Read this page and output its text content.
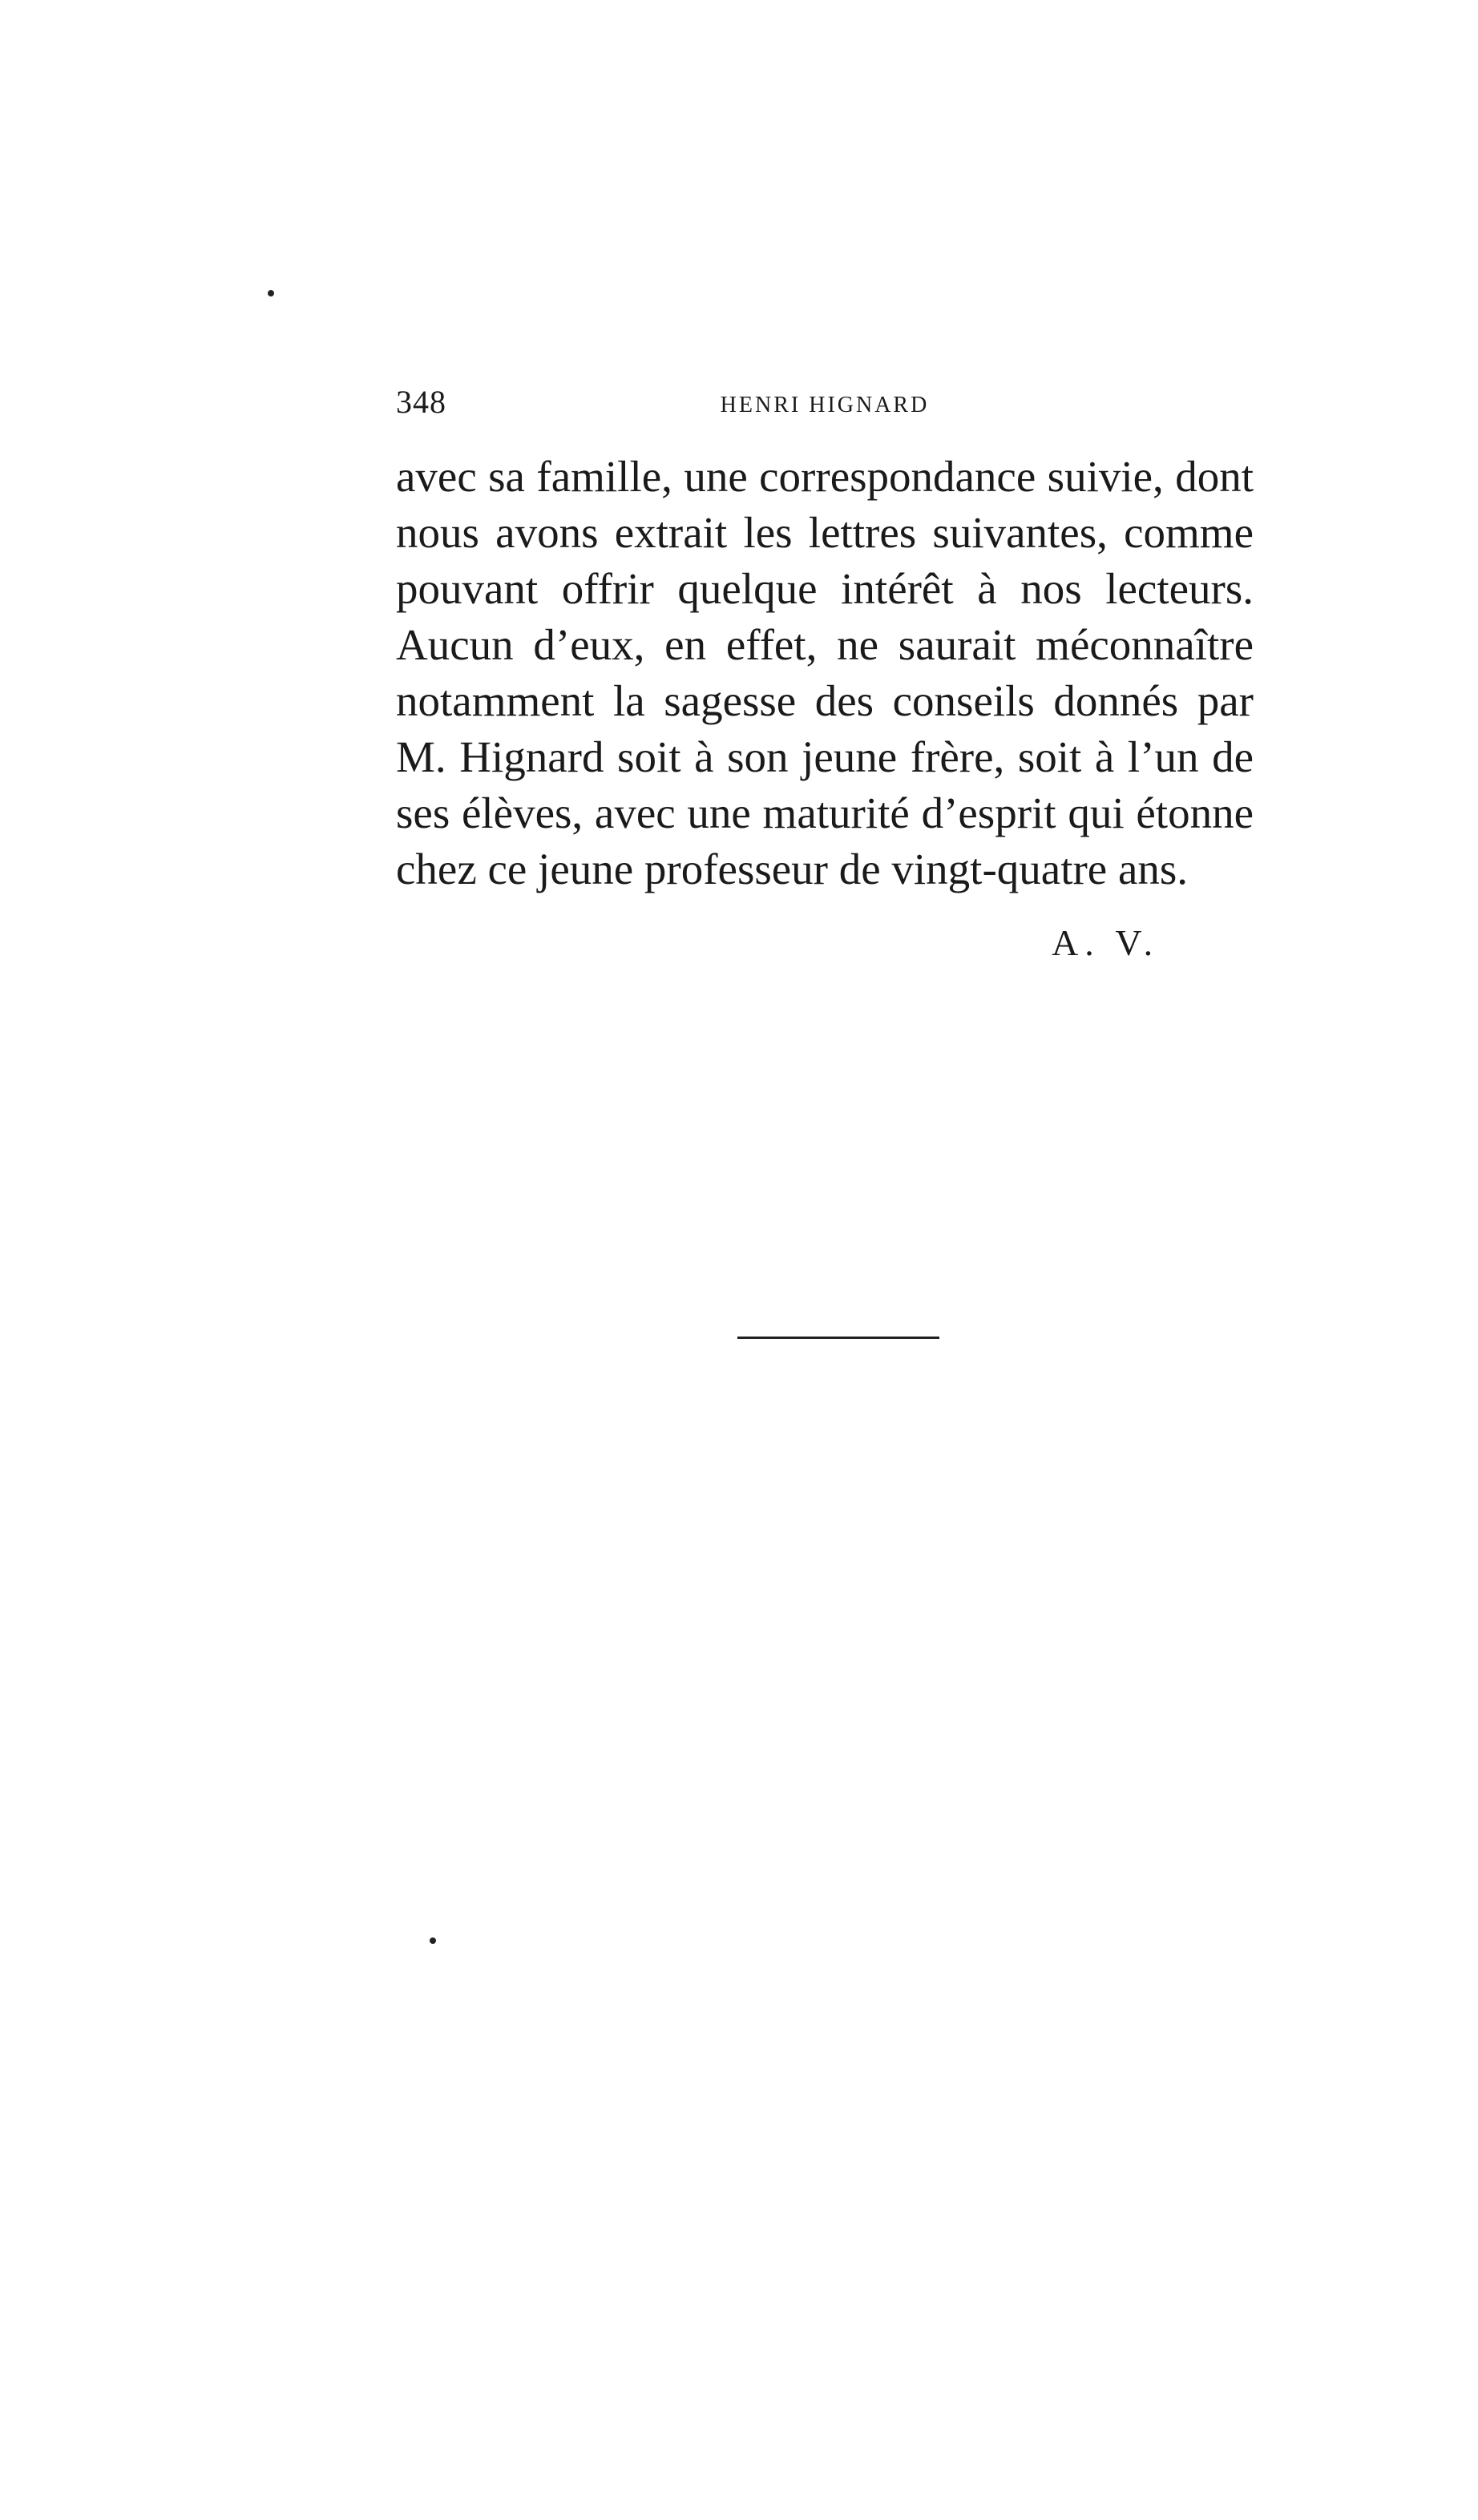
348	HENRI HIGNARD
avec sa famille, une correspondance suivie, dont
nous avons extrait les lettres suivantes, comme
pouvant offrir quelque intérêt à nos lecteurs.
Aucun d’eux, en effet, ne saurait méconnaître
notamment la sagesse des conseils donnés par
M. Hignard soit à son jeune frère, soit à l’un de
ses élèves, avec une maturité d’esprit qui étonne
chez ce jeune professeur de vingt-quatre ans.
A. V.
